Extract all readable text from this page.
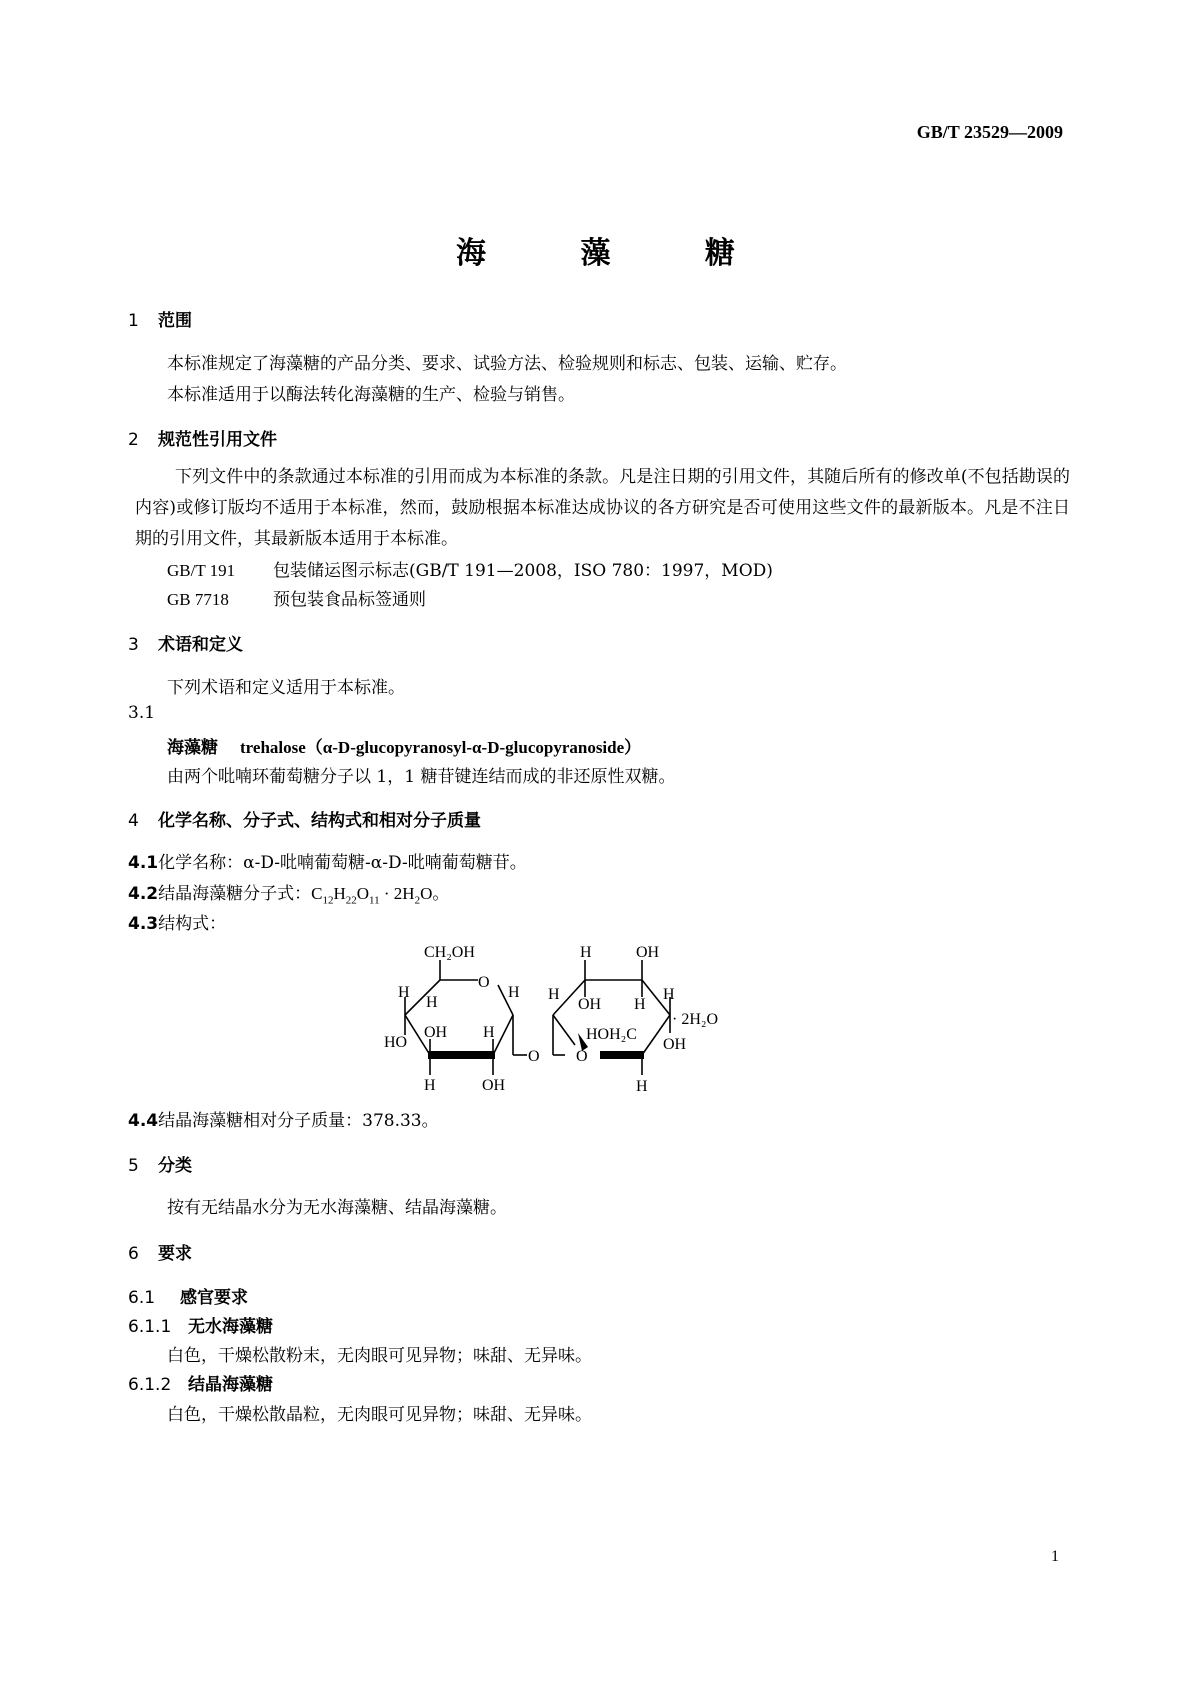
GB/T 23529—2009
海 藻 糖
1 范围
本标准规定了海藻糖的产品分类、要求、试验方法、检验规则和标志、包装、运输、贮存。
本标准适用于以酶法转化海藻糖的生产、检验与销售。
2 规范性引用文件
下列文件中的条款通过本标准的引用而成为本标准的条款。凡是注日期的引用文件，其随后所有的修改单(不包括勘误的内容)或修订版均不适用于本标准，然而，鼓励根据本标准达成协议的各方研究是否可使用这些文件的最新版本。凡是不注日期的引用文件，其最新版本适用于本标准。
GB/T 191 包装储运图示标志(GB/T 191—2008，ISO 780：1997，MOD)
GB 7718	预包装食品标签通则
3 术语和定义
下列术语和定义适用于本标准。
3.1
海藻糖 trehalose（α-D-glucopyranosyl-α-D-glucopyranoside）
由两个吡喃环葡萄糖分子以 1，1 糖苷键连结而成的非还原性双糖。
4 化学名称、分子式、结构式和相对分子质量
4.1化学名称：α-D-吡喃葡萄糖-α-D-吡喃葡萄糖苷。
4.2结晶海藻糖分子式：$C_{12}H_{22}O_{11} \cdot 2H_2O$。
4.3结构式：
CH₂OH
O
H
H
H
OH H
HO
H	OH
O
H	OH
H
OH H
H
HOH₂C
OH
O
H
· 2H₂O
4.4结晶海藻糖相对分子质量：378.33。
5 分类
按有无结晶水分为无水海藻糖、结晶海藻糖。
6 要求
6.1 感官要求
6.1.1 无水海藻糖
白色，干燥松散粉末，无肉眼可见异物；味甜、无异味。
6.1.2 结晶海藻糖
白色，干燥松散晶粒，无肉眼可见异物；味甜、无异味。
1
